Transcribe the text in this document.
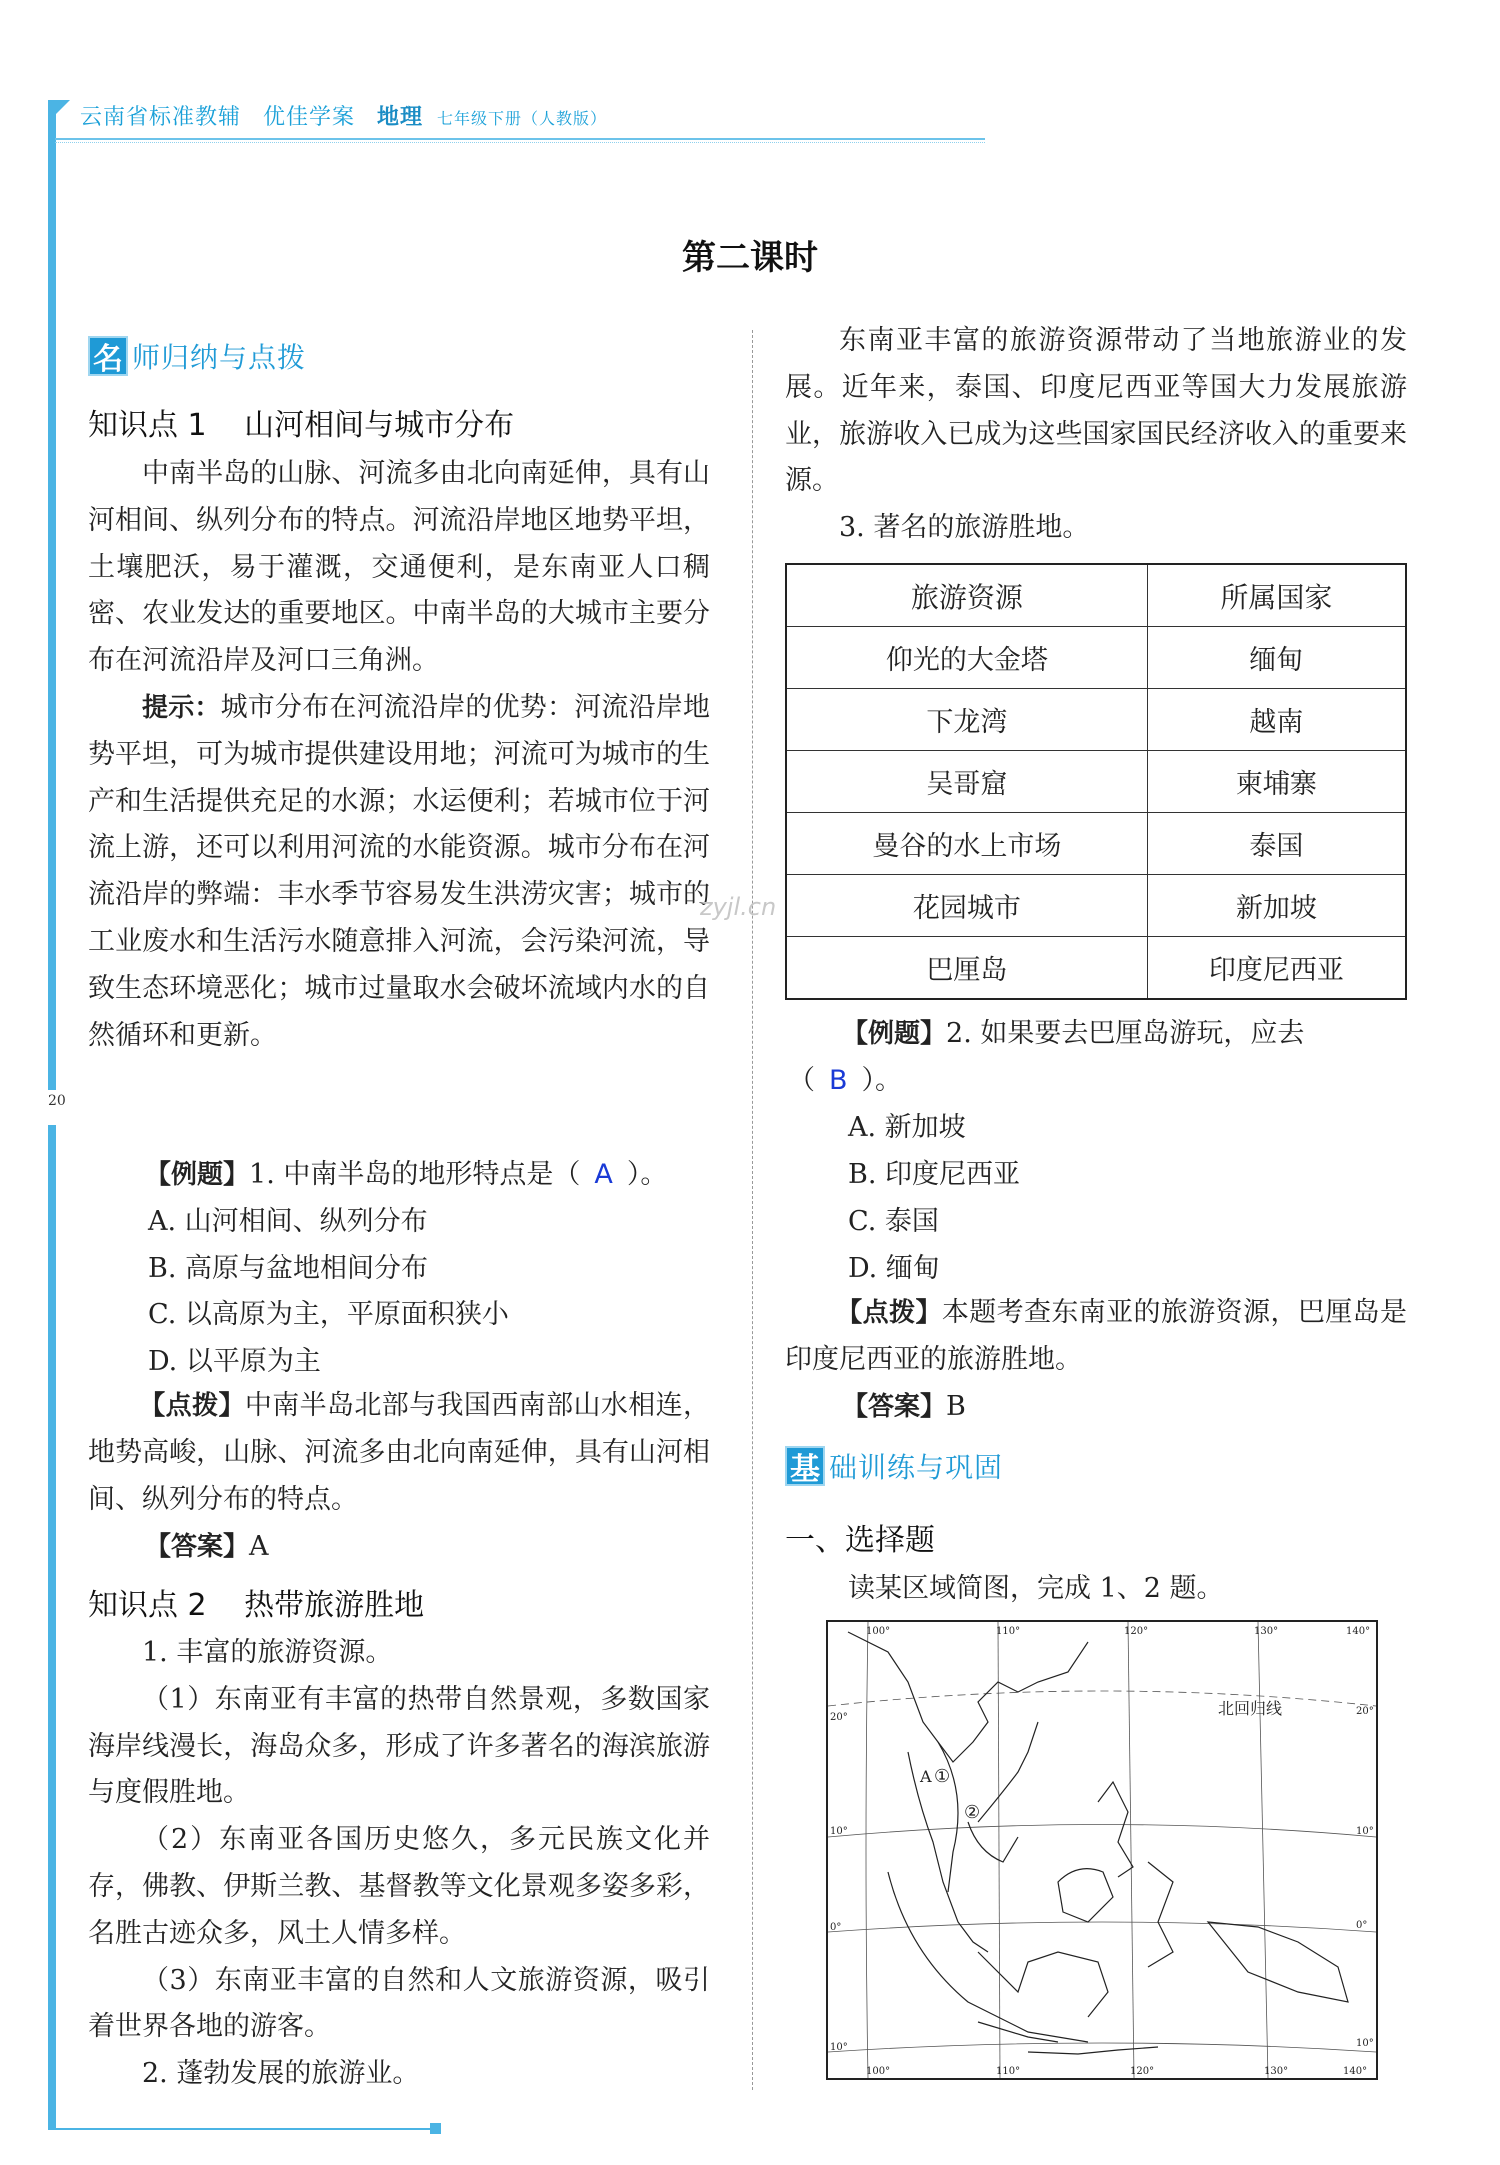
20
云南省标准教辅 优佳学案 地理 七年级下册（人教版）
第二课时
名 师归纳与点拨
知识点 1 山河相间与城市分布

中南半岛的山脉、河流多由北向南延伸，具有山河相间、纵列分布的特点。河流沿岸地区地势平坦，土壤肥沃，易于灌溉，交通便利，是东南亚人口稠密、农业发达的重要地区。中南半岛的大城市主要分布在河流沿岸及河口三角洲。

提示：城市分布在河流沿岸的优势：河流沿岸地势平坦，可为城市提供建设用地；河流可为城市的生产和生活提供充足的水源；水运便利；若城市位于河流上游，还可以利用河流的水能资源。城市分布在河流沿岸的弊端：丰水季节容易发生洪涝灾害；城市的工业废水和生活污水随意排入河流，会污染河流，导致生态环境恶化；城市过量取水会破坏流域内水的自然循环和更新。

【例题】1. 中南半岛的地形特点是（ A ）。
A. 山河相间、纵列分布
B. 高原与盆地相间分布
C. 以高原为主，平原面积狭小
D. 以平原为主

【点拨】中南半岛北部与我国西南部山水相连，地势高峻，山脉、河流多由北向南延伸，具有山河相间、纵列分布的特点。

【答案】A
知识点 2 热带旅游胜地

1. 丰富的旅游资源。

（1）东南亚有丰富的热带自然景观，多数国家海岸线漫长，海岛众多，形成了许多著名的海滨旅游与度假胜地。

（2）东南亚各国历史悠久，多元民族文化并存，佛教、伊斯兰教、基督教等文化景观多姿多彩，名胜古迹众多，风土人情多样。

（3）东南亚丰富的自然和人文旅游资源，吸引着世界各地的游客。

2. 蓬勃发展的旅游业。

东南亚丰富的旅游资源带动了当地旅游业的发展。近年来，泰国、印度尼西亚等国大力发展旅游业，旅游收入已成为这些国家国民经济收入的重要来源。

3. 著名的旅游胜地。

旅游资源	所属国家
仰光的大金塔	缅甸
下龙湾	越南
吴哥窟	柬埔寨
曼谷的水上市场	泰国
花园城市	新加坡
巴厘岛	印度尼西亚
zyjl.cn
【例题】2. 如果要去巴厘岛游玩，应去
（ B ）。
A. 新加坡
B. 印度尼西亚
C. 泰国
D. 缅甸

【点拨】本题考查东南亚的旅游资源，巴厘岛是印度尼西亚的旅游胜地。

【答案】B
基 础训练与巩固
一、选择题
读某区域简图，完成 1、2 题。
100°	110°	120°	130°	140°
100°	110°	120°	130°	140°
20°
10°
0°
10°
20°
10°
0°
10°
北回归线
A ①
②
